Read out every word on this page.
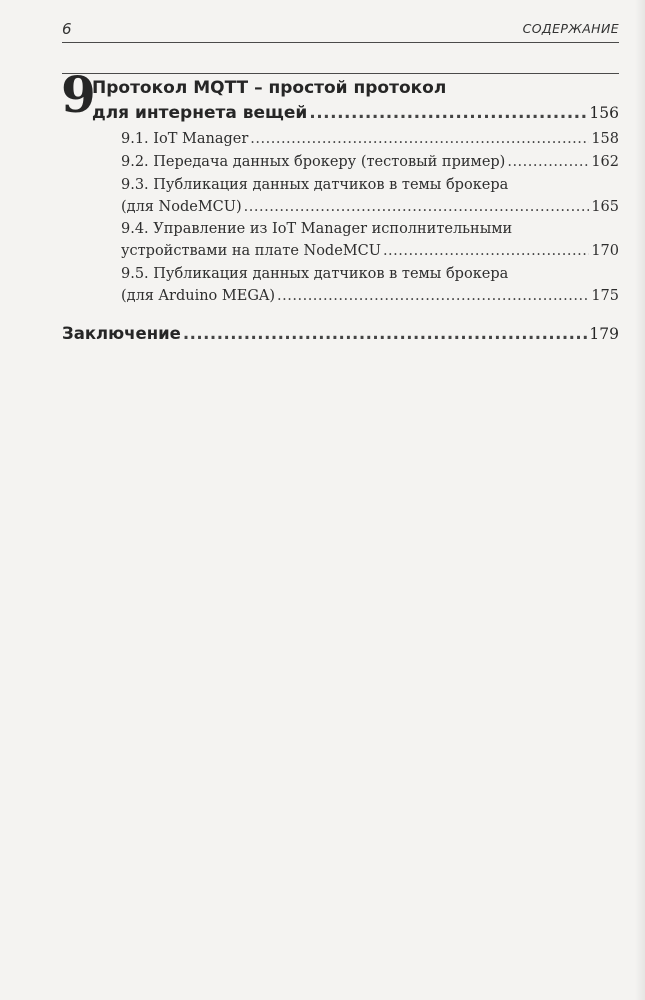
6	СОДЕРЖАНИЕ
9
Протокол MQTT – простой протокол
для интернета вещей .....	156
9.1. IoT Manager .....	158
9.2. Передача данных брокеру (тестовый пример) .....	162
9.3. Публикация данных датчиков в темы брокера
(для NodeMCU) .....	165
9.4. Управление из IoT Manager исполнительными
устройствами на плате NodeMCU .....	170
9.5. Публикация данных датчиков в темы брокера
(для Arduino MEGA) .....	175
Заключение .....	179
